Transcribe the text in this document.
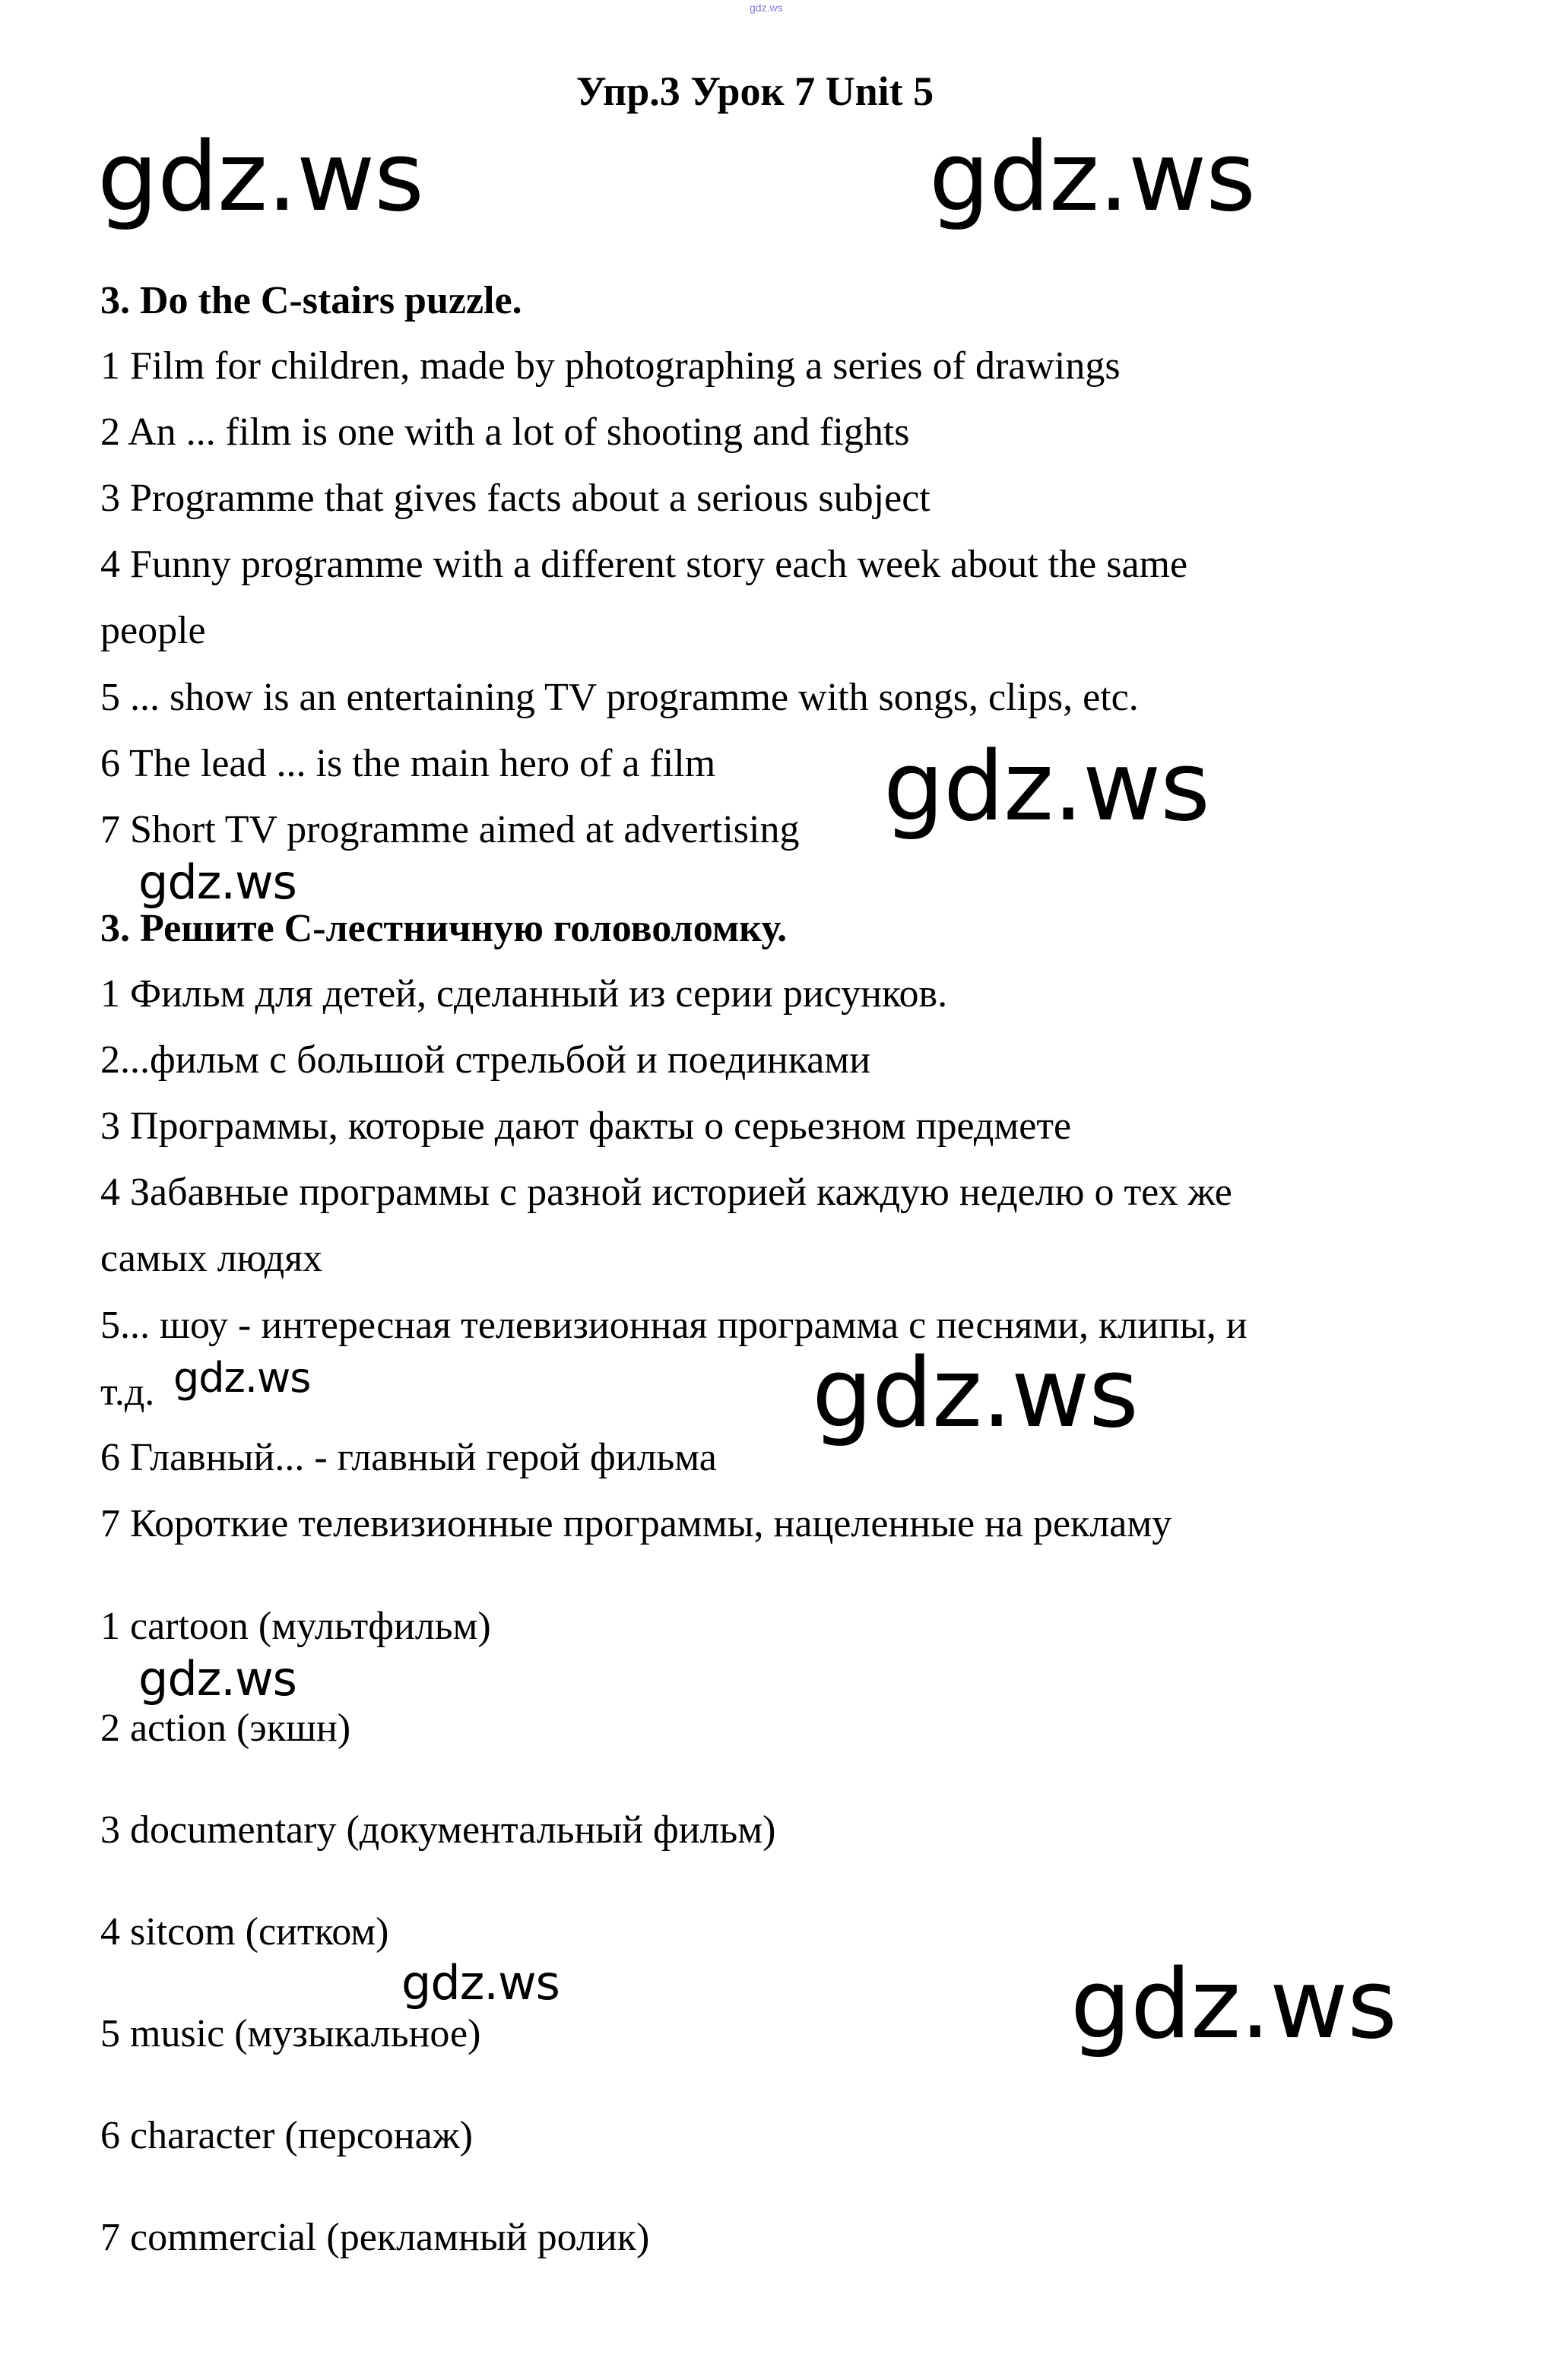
gdz.ws
Упр.3 Урок 7 Unit 5
gdz.ws	gdz.ws
3. Do the C-stairs puzzle.
1 Film for children, made by photographing a series of drawings
2 An ... film is one with a lot of shooting and fights
3 Programme that gives facts about a serious subject
4 Funny programme with a different story each week about the same
people
5 ... show is an entertaining TV programme with songs, clips, etc.
6 The lead ... is the main hero of a film
7 Short TV programme aimed at advertising gdz.ws
gdz.ws
3. Решите С-лестничную головоломку.
1 Фильм для детей, сделанный из серии рисунков.
2...фильм с большой стрельбой и поединками
3 Программы, которые дают факты о серьезном предмете
4 Забавные программы с разной историей каждую неделю о тех же
самых людях
5... шоу - интересная телевизионная программа с песнями, клипы, и
т.д.
6 Главный... - главный герой фильма
7 Короткие телевизионные программы, нацеленные на рекламу
gdz.ws	gdz.ws
1 cartoon (мультфильм)
gdz.ws
2 action (экшн)
3 documentary (документальный фильм)
4 sitcom (ситком)
gdz.ws	gdz.ws
5 music (музыкальное)
6 character (персонаж)
7 commercial (рекламный ролик)
